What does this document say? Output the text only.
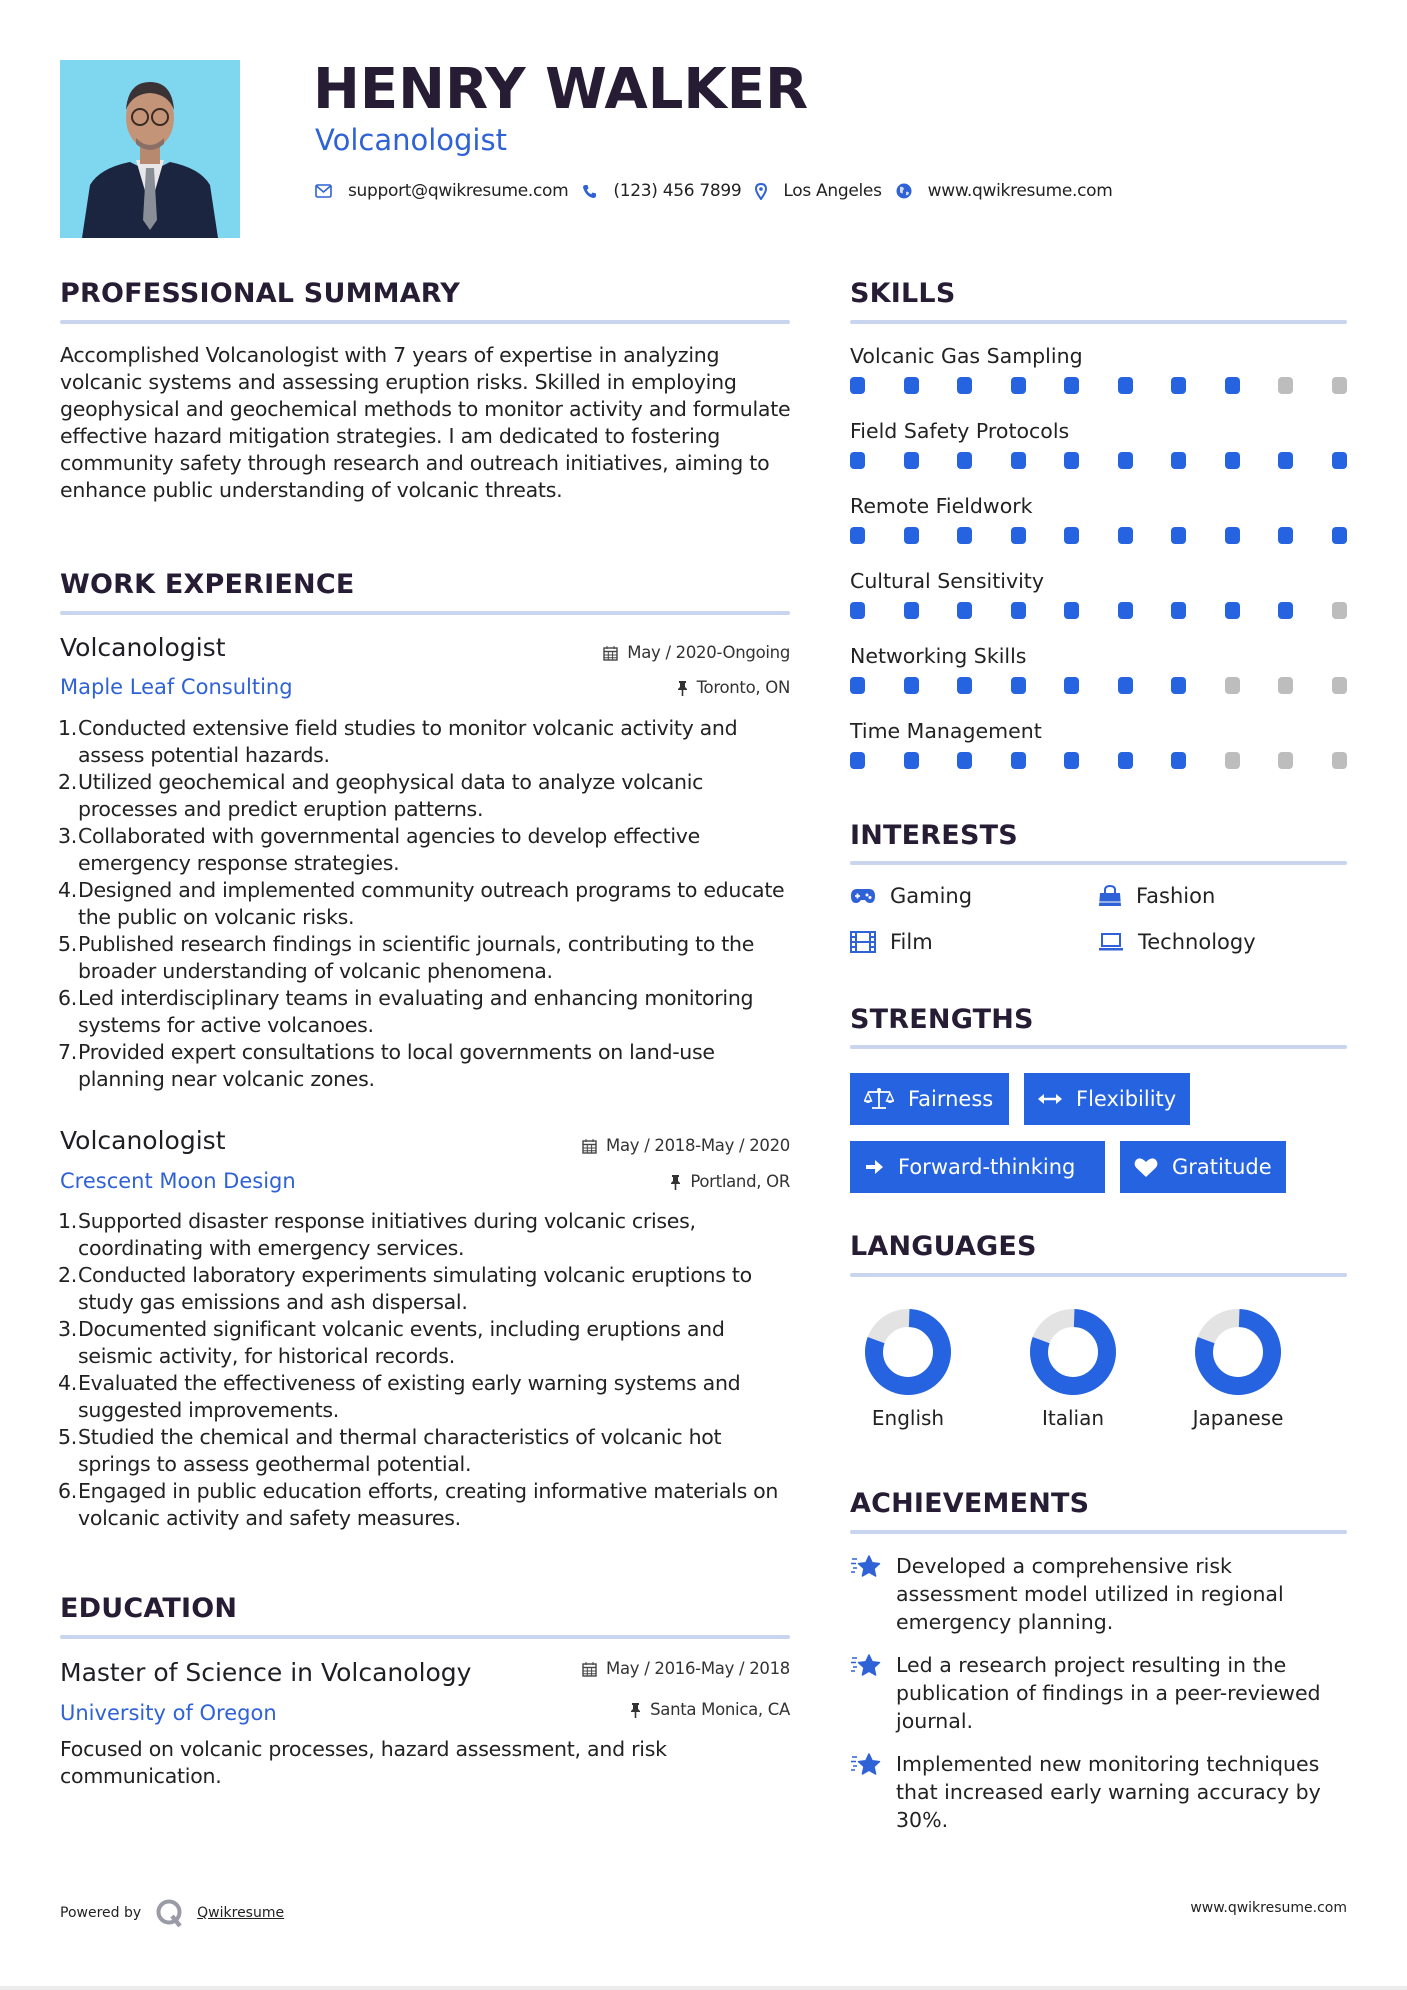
HENRY WALKER
Volcanologist
support@qwikresume.com	(123) 456 7899 Los Angeles	www.qwikresume.com
PROFESSIONAL SUMMARY
Accomplished Volcanologist with 7 years of expertise in analyzing volcanic systems and assessing eruption risks. Skilled in employing geophysical and geochemical methods to monitor activity and formulate effective hazard mitigation strategies. I am dedicated to fostering community safety through research and outreach initiatives, aiming to enhance public understanding of volcanic threats.
WORK EXPERIENCE
Volcanologist	May / 2020-Ongoing
Maple Leaf Consulting	Toronto, ON
1. Conducted extensive field studies to monitor volcanic activity and assess potential hazards.
2. Utilized geochemical and geophysical data to analyze volcanic processes and predict eruption patterns.
3. Collaborated with governmental agencies to develop effective emergency response strategies.
4. Designed and implemented community outreach programs to educate the public on volcanic risks.
5. Published research findings in scientific journals, contributing to the broader understanding of volcanic phenomena.
6. Led interdisciplinary teams in evaluating and enhancing monitoring systems for active volcanoes.
7. Provided expert consultations to local governments on land-use planning near volcanic zones.
Volcanologist	May / 2018-May / 2020
Crescent Moon Design	Portland, OR
1. Supported disaster response initiatives during volcanic crises, coordinating with emergency services.
2. Conducted laboratory experiments simulating volcanic eruptions to study gas emissions and ash dispersal.
3. Documented significant volcanic events, including eruptions and seismic activity, for historical records.
4. Evaluated the effectiveness of existing early warning systems and suggested improvements.
5. Studied the chemical and thermal characteristics of volcanic hot springs to assess geothermal potential.
6. Engaged in public education efforts, creating informative materials on volcanic activity and safety measures.
EDUCATION
Master of Science in Volcanology	May / 2016-May / 2018
University of Oregon	Santa Monica, CA
Focused on volcanic processes, hazard assessment, and risk communication.
SKILLS
Volcanic Gas Sampling
Field Safety Protocols
Remote Fieldwork
Cultural Sensitivity
Networking Skills
Time Management
INTERESTS
Gaming	Fashion
Film	Technology
STRENGTHS
Fairness	Flexibility
Forward-thinking	Gratitude
LANGUAGES
English	Italian	Japanese
ACHIEVEMENTS
Developed a comprehensive risk assessment model utilized in regional emergency planning.
Led a research project resulting in the publication of findings in a peer-reviewed journal.
Implemented new monitoring techniques that increased early warning accuracy by 30%.
Powered by	Qwikresume	www.qwikresume.com
